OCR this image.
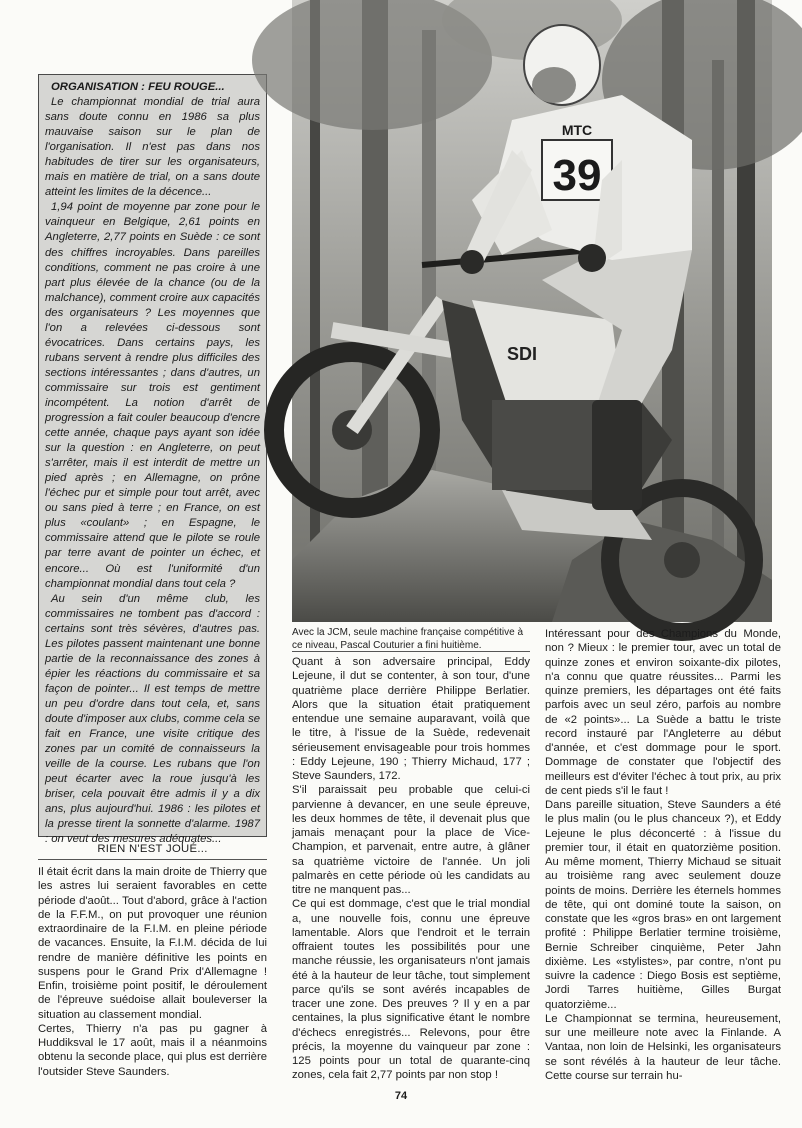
ORGANISATION : FEU ROUGE...

Le championnat mondial de trial aura sans doute connu en 1986 sa plus mauvaise saison sur le plan de l'organisation. Il n'est pas dans nos habitudes de tirer sur les organisateurs, mais en matière de trial, on a sans doute atteint les limites de la décence...

1,94 point de moyenne par zone pour le vainqueur en Belgique, 2,61 points en Angleterre, 2,77 points en Suède : ce sont des chiffres incroyables. Dans pareilles conditions, comment ne pas croire à une part plus élevée de la chance (ou de la malchance), comment croire aux capacités des organisateurs ? Les moyennes que l'on a relevées ci-dessous sont évocatrices. Dans certains pays, les rubans servent à rendre plus difficiles des sections intéressantes ; dans d'autres, un commissaire sur trois est gentiment incompétent. La notion d'arrêt de progression a fait couler beaucoup d'encre cette année, chaque pays ayant son idée sur la question : en Angleterre, on peut s'arrêter, mais il est interdit de mettre un pied après ; en Allemagne, on prône l'échec pur et simple pour tout arrêt, avec ou sans pied à terre ; en France, on est plus «coulant» ; en Espagne, le commissaire attend que le pilote se roule par terre avant de pointer un échec, et encore... Où est l'uniformité d'un championnat mondial dans tout cela ?

Au sein d'un même club, les commissaires ne tombent pas d'accord : certains sont très sévères, d'autres pas. Les pilotes passent maintenant une bonne partie de la reconnaissance des zones à épier les réactions du commissaire et sa façon de pointer... Il est temps de mettre un peu d'ordre dans tout cela, et, sans doute d'imposer aux clubs, comme cela se fait en France, une visite critique des zones par un comité de connaisseurs la veille de la course. Les rubans que l'on peut écarter avec la roue jusqu'à les briser, cela pouvait être admis il y a dix ans, plus aujourd'hui. 1986 : les pilotes et la presse tirent la sonnette d'alarme. 1987 : on veut des mesures adéquates...

RIEN N'EST JOUÉ...

Il était écrit dans la main droite de Thierry que les astres lui seraient favorables en cette période d'août... Tout d'abord, grâce à l'action de la F.F.M., on put provoquer une réunion extraordinaire de la F.I.M. en pleine période de vacances. Ensuite, la F.I.M. décida de lui rendre de manière définitive les points en suspens pour le Grand Prix d'Allemagne ! Enfin, troisième point positif, le déroulement de l'épreuve suédoise allait bouleverser la situation au classement mondial.

Certes, Thierry n'a pas pu gagner à Huddiksval le 17 août, mais il a néanmoins obtenu la seconde place, qui plus est derrière l'outsider Steve Saunders.

39
MTC
SDI
Avec la JCM, seule machine française compétitive à ce niveau, Pascal Couturier a fini huitième.

Quant à son adversaire principal, Eddy Lejeune, il dut se contenter, à son tour, d'une quatrième place derrière Philippe Berlatier. Alors que la situation était pratiquement entendue une semaine auparavant, voilà que le titre, à l'issue de la Suède, redevenait sérieusement envisageable pour trois hommes : Eddy Lejeune, 190 ; Thierry Michaud, 177 ; Steve Saunders, 172.

S'il paraissait peu probable que celui-ci parvienne à devancer, en une seule épreuve, les deux hommes de tête, il devenait plus que jamais menaçant pour la place de Vice-Champion, et parvenait, entre autre, à glâner sa quatrième victoire de l'année. Un joli palmarès en cette période où les candidats au titre ne manquent pas...

Ce qui est dommage, c'est que le trial mondial a, une nouvelle fois, connu une épreuve lamentable. Alors que l'endroit et le terrain offraient toutes les possibilités pour une manche réussie, les organisateurs n'ont jamais été à la hauteur de leur tâche, tout simplement parce qu'ils se sont avérés incapables de tracer une zone. Des preuves ? Il y en a par centaines, la plus significative étant le nombre d'échecs enregistrés... Relevons, pour être précis, la moyenne du vainqueur par zone : 125 points pour un total de quarante-cinq zones, cela fait 2,77 points par non stop !

Intéressant pour des Champions du Monde, non ? Mieux : le premier tour, avec un total de quinze zones et environ soixante-dix pilotes, n'a connu que quatre réussites... Parmi les quinze premiers, les départages ont été faits parfois avec un seul zéro, parfois au nombre de «2 points»... La Suède a battu le triste record instauré par l'Angleterre au début d'année, et c'est dommage pour le sport. Dommage de constater que l'objectif des meilleurs est d'éviter l'échec à tout prix, au prix de cent pieds s'il le faut !

Dans pareille situation, Steve Saunders a été le plus malin (ou le plus chanceux ?), et Eddy Lejeune le plus déconcerté : à l'issue du premier tour, il était en quatorzième position. Au même moment, Thierry Michaud se situait au troisième rang avec seulement douze points de moins. Derrière les éternels hommes de tête, qui ont dominé toute la saison, on constate que les «gros bras» en ont largement profité : Philippe Berlatier termine troisième, Bernie Schreiber cinquième, Peter Jahn dixième. Les «stylistes», par contre, n'ont pu suivre la cadence : Diego Bosis est septième, Jordi Tarres huitième, Gilles Burgat quatorzième...

Le Championnat se termina, heureusement, sur une meilleure note avec la Finlande. A Vantaa, non loin de Helsinki, les organisateurs se sont révélés à la hauteur de leur tâche. Cette course sur terrain hu-

74
